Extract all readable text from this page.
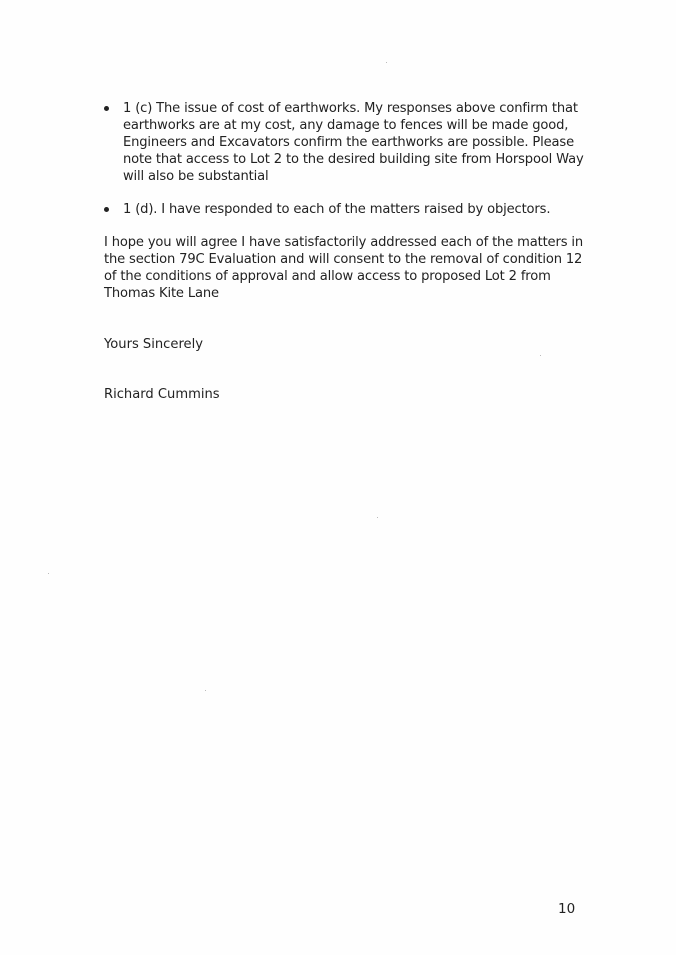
1 (c) The issue of cost of earthworks. My responses above confirm that earthworks are at my cost, any damage to fences will be made good, Engineers and Excavators confirm the earthworks are possible. Please note that access to Lot 2 to the desired building site from Horspool Way will also be substantial
1 (d). I have responded to each of the matters raised by objectors.

I hope you will agree I have satisfactorily addressed each of the matters in the section 79C Evaluation and will consent to the removal of condition 12 of the conditions of approval and allow access to proposed Lot 2 from Thomas Kite Lane

Yours Sincerely
Richard Cummins
10
